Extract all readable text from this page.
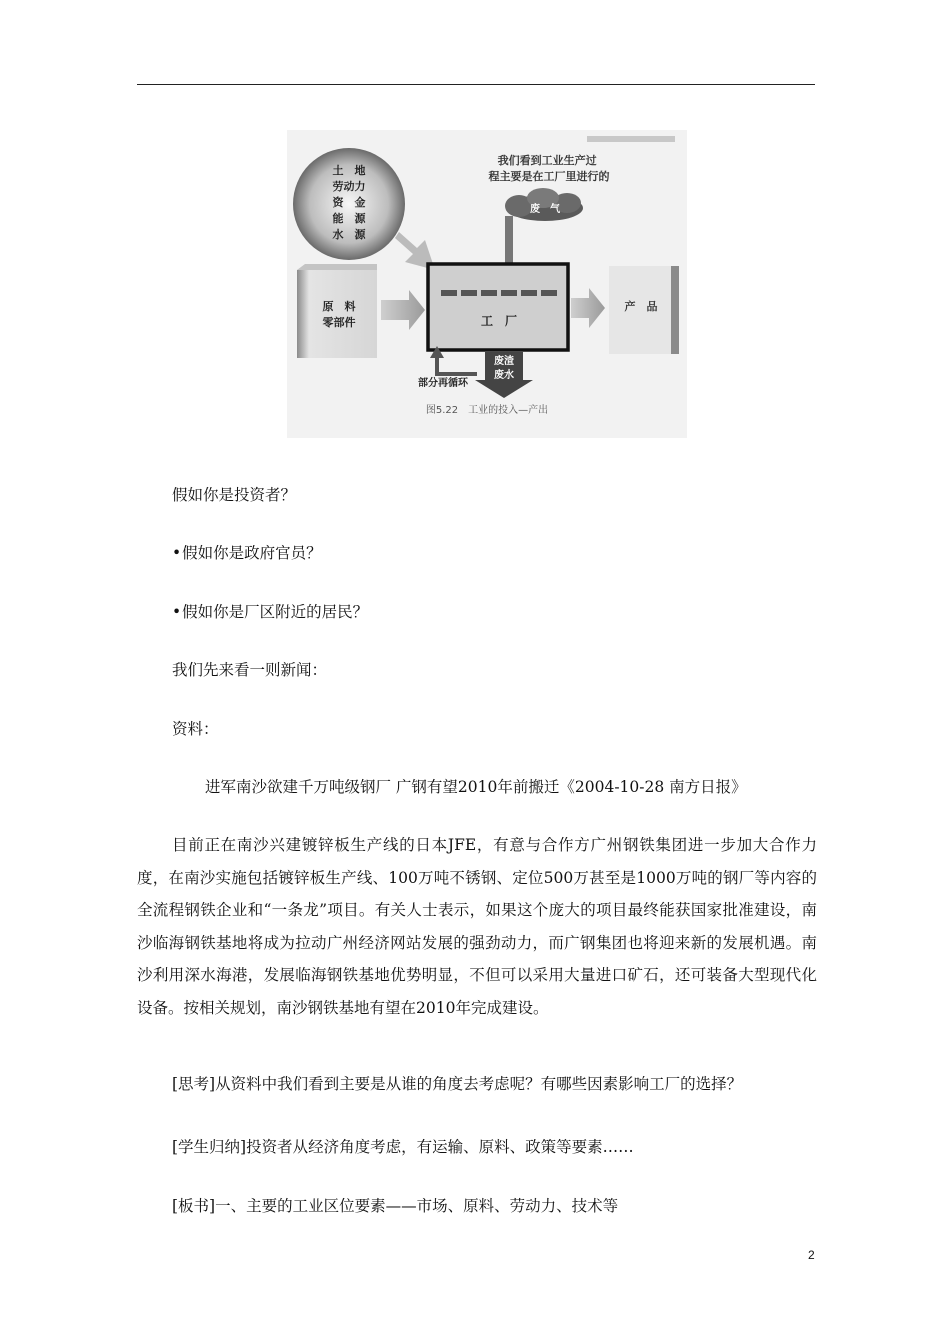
土　地
劳动力
资　金
能　源
水　源
我们看到工业生产过 程主要是在工厂里进行的
废　气
原　料
零部件	工　厂
产　品
废渣
废水
部分再循环
图5.22　工业的投入—产出
假如你是投资者？
•假如你是政府官员？
•假如你是厂区附近的居民？
我们先来看一则新闻：
资料：
进军南沙欲建千万吨级钢厂 广钢有望2010年前搬迁《2004-10-28 南方日报》
目前正在南沙兴建镀锌板生产线的日本JFE，有意与合作方广州钢铁集团进一步加大合作力度，在南沙实施包括镀锌板生产线、100万吨不锈钢、定位500万甚至是1000万吨的钢厂等内容的全流程钢铁企业和“一条龙”项目。有关人士表示，如果这个庞大的项目最终能获国家批准建设，南沙临海钢铁基地将成为拉动广州经济网站发展的强劲动力，而广钢集团也将迎来新的发展机遇。南沙利用深水海港，发展临海钢铁基地优势明显，不但可以采用大量进口矿石，还可装备大型现代化设备。按相关规划，南沙钢铁基地有望在2010年完成建设。
[思考]从资料中我们看到主要是从谁的角度去考虑呢？有哪些因素影响工厂的选择？
[学生归纳]投资者从经济角度考虑，有运输、原料、政策等要素……
[板书]一、主要的工业区位要素——市场、原料、劳动力、技术等
2
